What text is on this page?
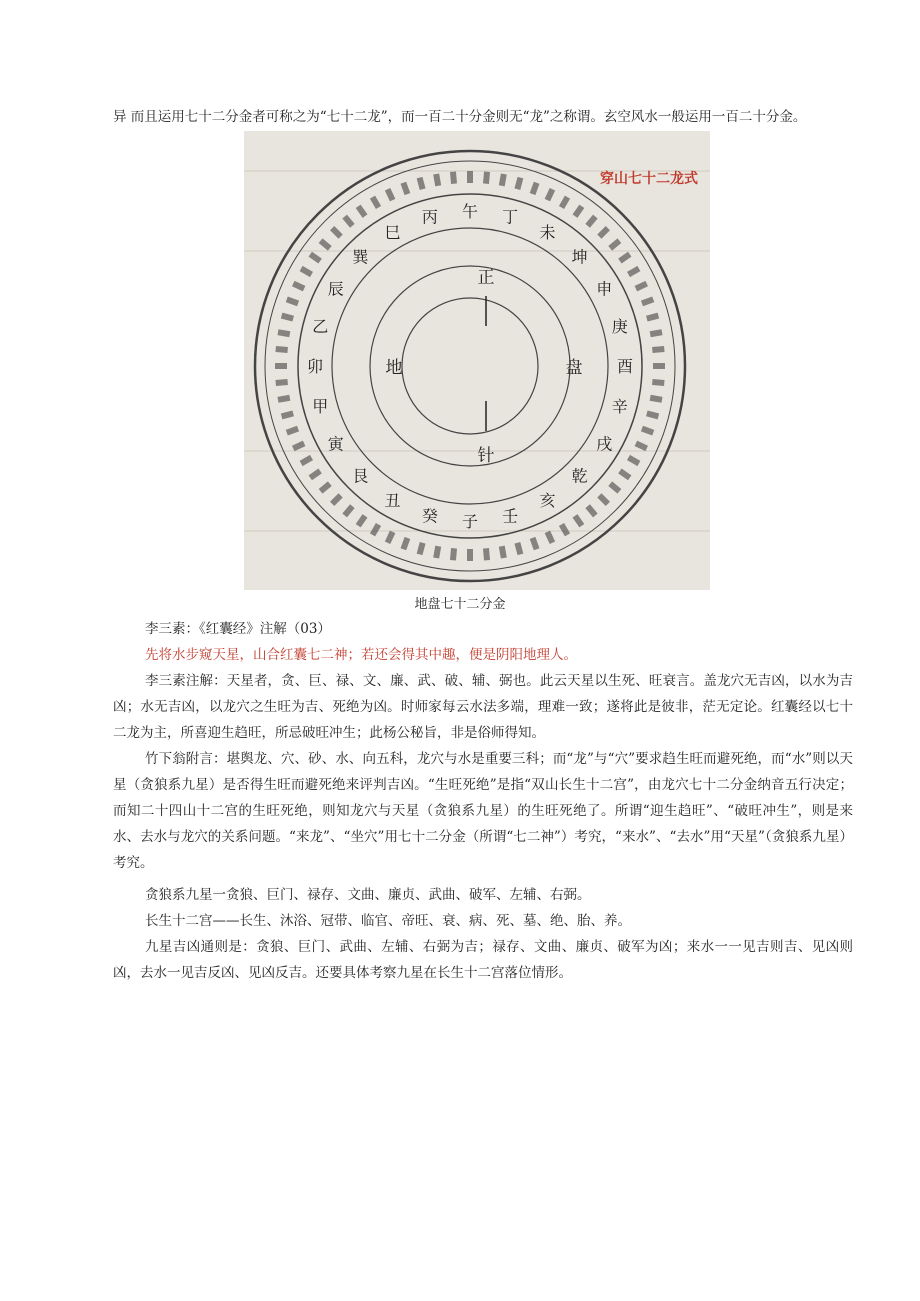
异 而且运用七十二分金者可称之为“七十二龙”，而一百二十分金则无“龙”之称谓。玄空风水一般运用一百二十分金。
子
癸
丑
艮
寅
甲
卯
乙
辰
巽
巳
丙 午 丁
未
坤
申
庚
酉
辛
戌
乾
亥
壬
正
地	盘
针
穿山七十二龙式
地盘七十二分金
李三素：《红囊经》注解（03）
先将水步窥天星，山合红囊七二神；若还会得其中趣，便是阴阳地理人。
李三素注解：天星者，贪、巨、禄、文、廉、武、破、辅、弼也。此云天星以生死、旺衰言。盖龙穴无吉凶，以水为吉凶；水无吉凶，以龙穴之生旺为吉、死绝为凶。时师家每云水法多端，理难一致；遂将此是彼非，茫无定论。红囊经以七十二龙为主，所喜迎生趋旺，所忌破旺冲生；此杨公秘旨，非是俗师得知。
竹下翁附言：堪舆龙、穴、砂、水、向五科，龙穴与水是重要三科；而“龙”与“穴”要求趋生旺而避死绝，而“水”则以天星（贪狼系九星）是否得生旺而避死绝来评判吉凶。“生旺死绝”是指“双山长生十二宫”，由龙穴七十二分金纳音五行决定；而知二十四山十二宫的生旺死绝，则知龙穴与天星（贪狼系九星）的生旺死绝了。所谓“迎生趋旺”、“破旺冲生”，则是来水、去水与龙穴的关系问题。“来龙”、“坐穴”用七十二分金（所谓“七二神”）考究，“来水”、“去水”用“天星”（贪狼系九星）考究。
贪狼系九星一贪狼、巨门、禄存、文曲、廉贞、武曲、破军、左辅、右弼。
长生十二宫——长生、沐浴、冠带、临官、帝旺、衰、病、死、墓、绝、胎、养。
九星吉凶通则是：贪狼、巨门、武曲、左辅、右弼为吉；禄存、文曲、廉贞、破军为凶；来水一一见吉则吉、见凶则凶，去水一见吉反凶、见凶反吉。还要具体考察九星在长生十二宫落位情形。
